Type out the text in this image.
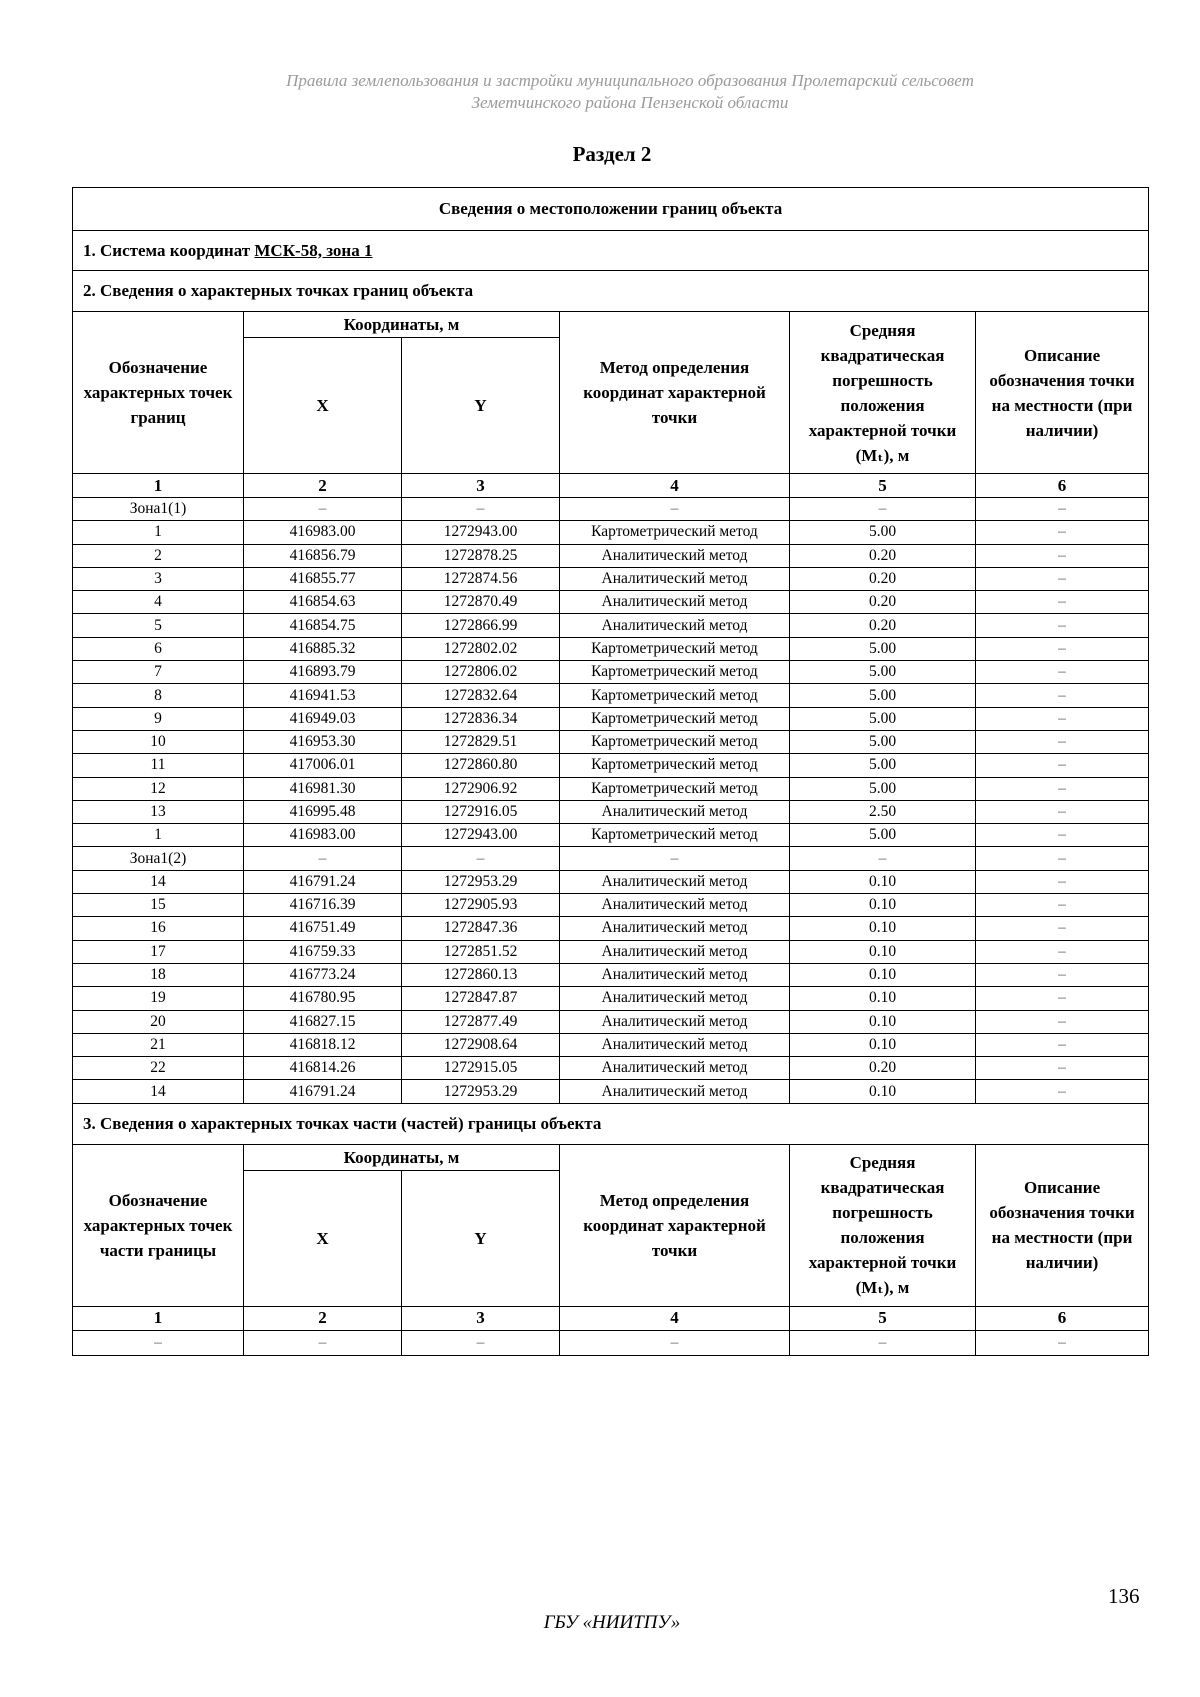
Правила землепользования и застройки муниципального образования Пролетарский сельсовет
Земетчинского района Пензенской области
Раздел 2
Сведения о местоположении границ объекта					
1. Система координат МСК-58, зона 1					
2. Сведения о характерных точках границ объекта					
Обозначение характерных точек границ	Координаты, м		Метод определения координат характерной точки	Средняя квадратическая погрешность положения характерной точки (Mₜ), м	Описание обозначения точки на местности (при наличии)
	X	Y			
1	2	3	4	5	6
Зона1(1)	–	–	–	–	–
1	416983.00	1272943.00	Картометрический метод	5.00	–
2	416856.79	1272878.25	Аналитический метод	0.20	–
3	416855.77	1272874.56	Аналитический метод	0.20	–
4	416854.63	1272870.49	Аналитический метод	0.20	–
5	416854.75	1272866.99	Аналитический метод	0.20	–
6	416885.32	1272802.02	Картометрический метод	5.00	–
7	416893.79	1272806.02	Картометрический метод	5.00	–
8	416941.53	1272832.64	Картометрический метод	5.00	–
9	416949.03	1272836.34	Картометрический метод	5.00	–
10	416953.30	1272829.51	Картометрический метод	5.00	–
11	417006.01	1272860.80	Картометрический метод	5.00	–
12	416981.30	1272906.92	Картометрический метод	5.00	–
13	416995.48	1272916.05	Аналитический метод	2.50	–
1	416983.00	1272943.00	Картометрический метод	5.00	–
Зона1(2)	–	–	–	–	–
14	416791.24	1272953.29	Аналитический метод	0.10	–
15	416716.39	1272905.93	Аналитический метод	0.10	–
16	416751.49	1272847.36	Аналитический метод	0.10	–
17	416759.33	1272851.52	Аналитический метод	0.10	–
18	416773.24	1272860.13	Аналитический метод	0.10	–
19	416780.95	1272847.87	Аналитический метод	0.10	–
20	416827.15	1272877.49	Аналитический метод	0.10	–
21	416818.12	1272908.64	Аналитический метод	0.10	–
22	416814.26	1272915.05	Аналитический метод	0.20	–
14	416791.24	1272953.29	Аналитический метод	0.10	–
3. Сведения о характерных точках части (частей) границы объекта					
Обозначение характерных точек части границы	Координаты, м		Метод определения координат характерной точки	Средняя квадратическая погрешность положения характерной точки (Mₜ), м	Описание обозначения точки на местности (при наличии)
	X	Y			
1	2	3	4	5	6
–	–	–	–	–	–
136
ГБУ «НИИТПУ»
